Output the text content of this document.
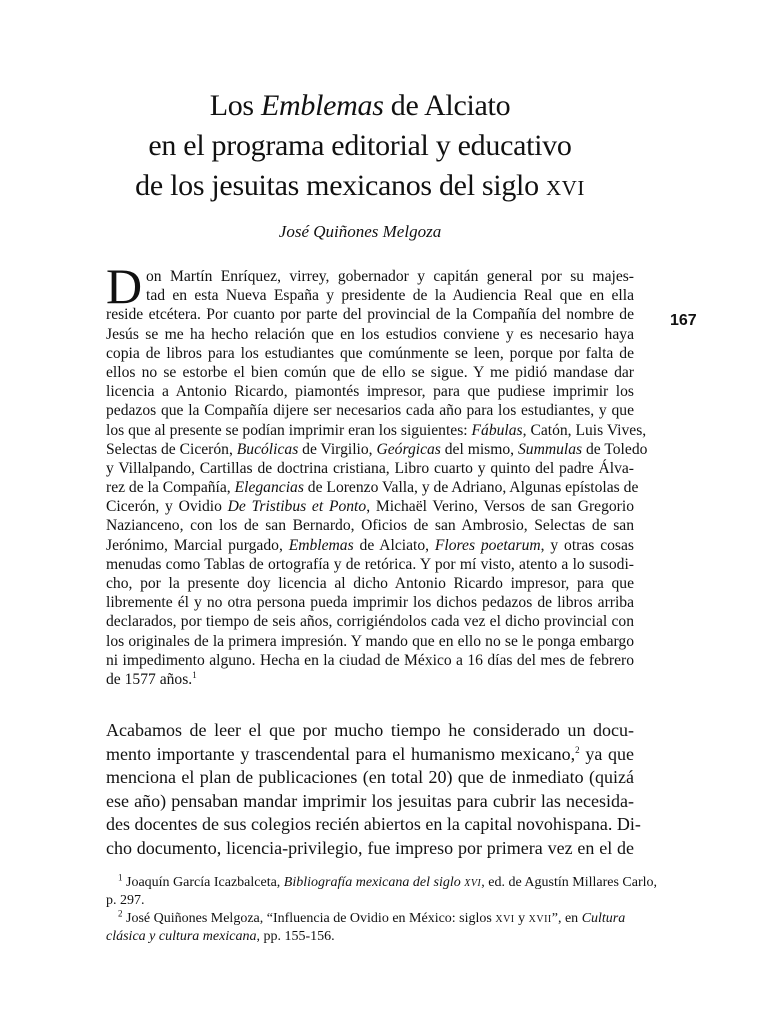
Los Emblemas de Alciato
en el programa editorial y educativo
de los jesuitas mexicanos del siglo xvi
José Quiñones Melgoza
167
D on Martín Enríquez, virrey, gobernador y capitán general por su majes-
tad en esta Nueva España y presidente de la Audiencia Real que en ella
reside etcétera. Por cuanto por parte del provincial de la Compañía del nombre de
Jesús se me ha hecho relación que en los estudios conviene y es necesario haya
copia de libros para los estudiantes que comúnmente se leen, porque por falta de
ellos no se estorbe el bien común que de ello se sigue. Y me pidió mandase dar
licencia a Antonio Ricardo, piamontés impresor, para que pudiese imprimir los
pedazos que la Compañía dijere ser necesarios cada año para los estudiantes, y que
los que al presente se podían imprimir eran los siguientes: Fábulas, Catón, Luis Vives,
Selectas de Cicerón, Bucólicas de Virgilio, Geórgicas del mismo, Summulas de Toledo
y Villalpando, Cartillas de doctrina cristiana, Libro cuarto y quinto del padre Álva-
rez de la Compañía, Elegancias de Lorenzo Valla, y de Adriano, Algunas epístolas de
Cicerón, y Ovidio De Tristibus et Ponto, Michaël Verino, Versos de san Gregorio
Nazianceno, con los de san Bernardo, Oficios de san Ambrosio, Selectas de san
Jerónimo, Marcial purgado, Emblemas de Alciato, Flores poetarum, y otras cosas
menudas como Tablas de ortografía y de retórica. Y por mí visto, atento a lo susodi-
cho, por la presente doy licencia al dicho Antonio Ricardo impresor, para que
libremente él y no otra persona pueda imprimir los dichos pedazos de libros arriba
declarados, por tiempo de seis años, corrigiéndolos cada vez el dicho provincial con
los originales de la primera impresión. Y mando que en ello no se le ponga embargo
ni impedimento alguno. Hecha en la ciudad de México a 16 días del mes de febrero
de 1577 años.$^1$
Acabamos de leer el que por mucho tiempo he considerado un docu-
mento importante y trascendental para el humanismo mexicano,$^2$ ya que
menciona el plan de publicaciones (en total 20) que de inmediato (quizá
ese año) pensaban mandar imprimir los jesuitas para cubrir las necesida-
des docentes de sus colegios recién abiertos en la capital novohispana. Di-
cho documento, licencia-privilegio, fue impreso por primera vez en el de
$^1$ Joaquín García Icazbalceta, Bibliografía mexicana del siglo xvi, ed. de Agustín Millares Carlo,
p. 297.
$^2$ José Quiñones Melgoza, “Influencia de Ovidio en México: siglos xvi y xvii”, en Cultura
clásica y cultura mexicana, pp. 155-156.
